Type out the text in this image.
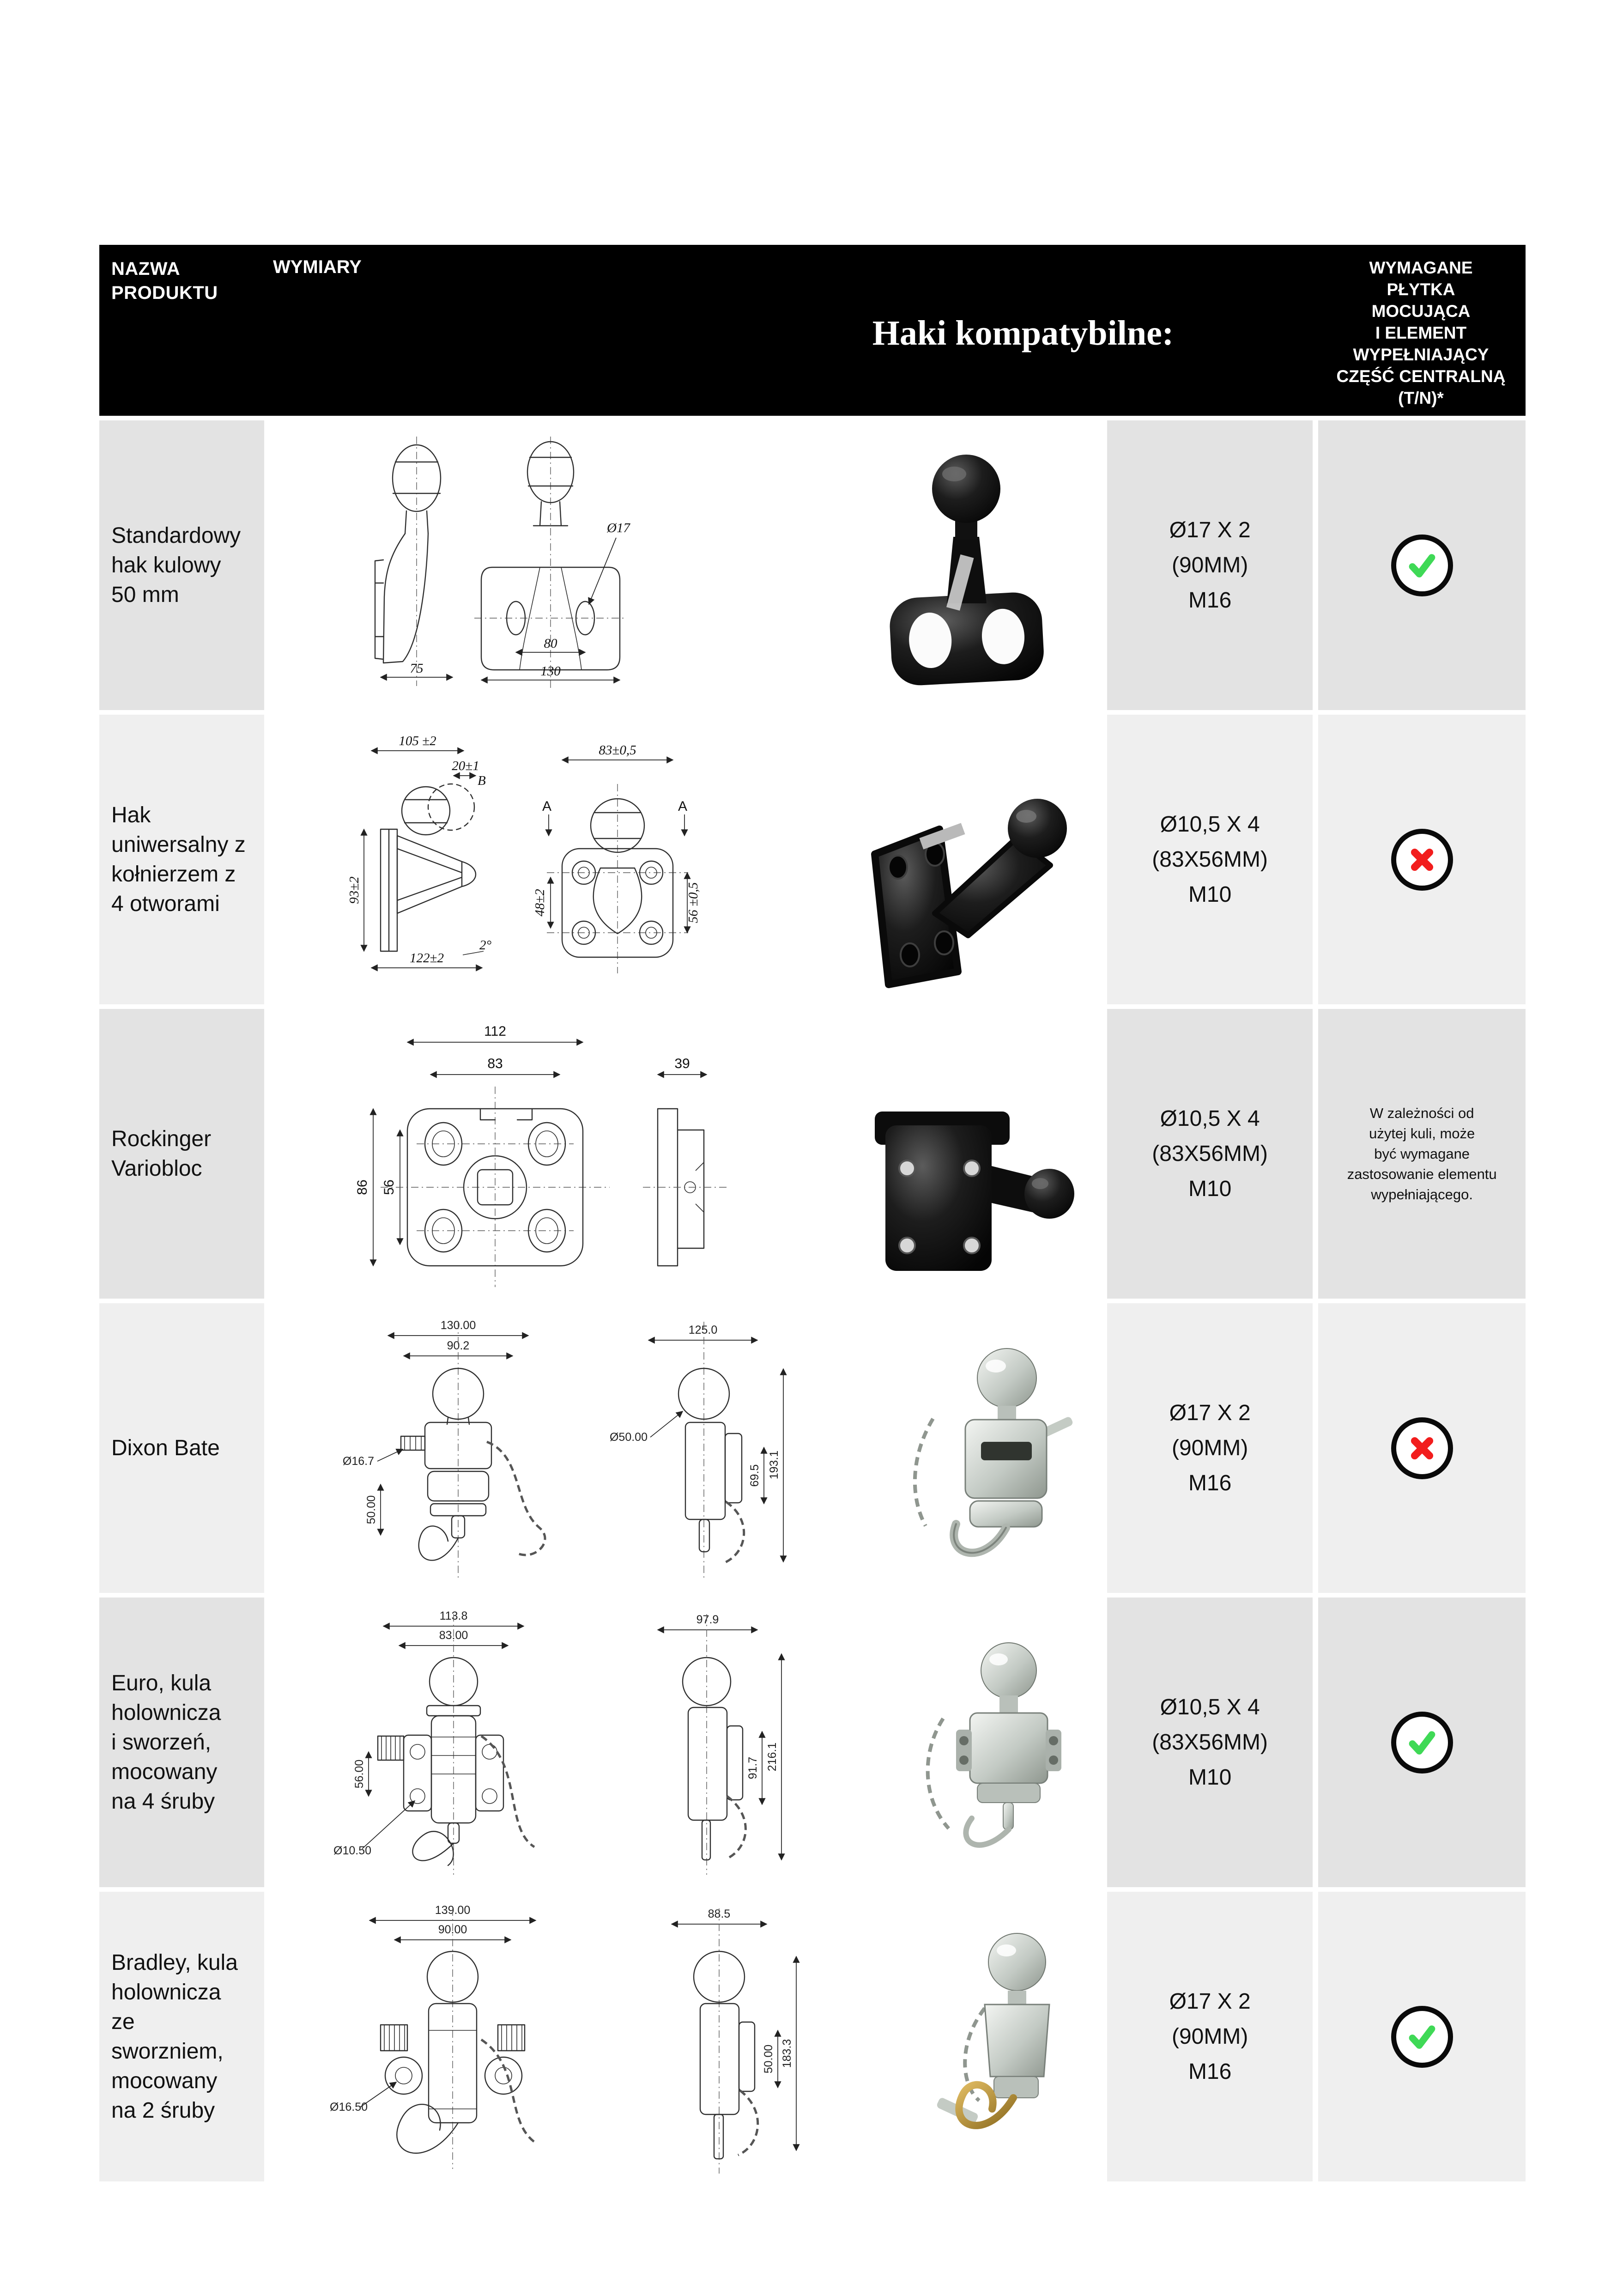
NAZWA
PRODUKTU
WYMIARY
Haki kompatybilne:
WYMAGANE
PŁYTKA
MOCUJĄCA
I ELEMENT
WYPEŁNIAJĄCY
CZĘŚĆ CENTRALNĄ
(T/N)*
Standardowy
hak kulowy
50 mm
75
80
130
Ø17	Ø17 X 2
(90MM)
M16
Hak
uniwersalny z
kołnierzem z
4 otworami
105 ±2
20±1
B
93±2
122±2
2°
83±0,5
A	A
56 ±0,5
48±2
Ø10,5 X 4
(83X56MM)
M10
Rockinger
Variobloc
112
83
86 56
39
Ø10,5 X 4
(83X56MM)
M10
W zależności od
użytej kuli, może
być wymagane
zastosowanie elementu
wypełniającego.
Dixon Bate
130.00
90.2
Ø16.7
50.00
125.0
Ø50.00
69.5 193.1
Ø17 X 2
(90MM)
M16
Euro, kula
holownicza
i sworzeń,
mocowany
na 4 śruby
113.8
83.00
56.00
Ø10.50
97.9
91.7 216.1
Ø10,5 X 4
(83X56MM)
M10
Bradley, kula
holownicza
ze
sworzniem,
mocowany
na 2 śruby
139.00
90.00
Ø16.50
88.5
50.00 183.3
Ø17 X 2
(90MM)
M16
